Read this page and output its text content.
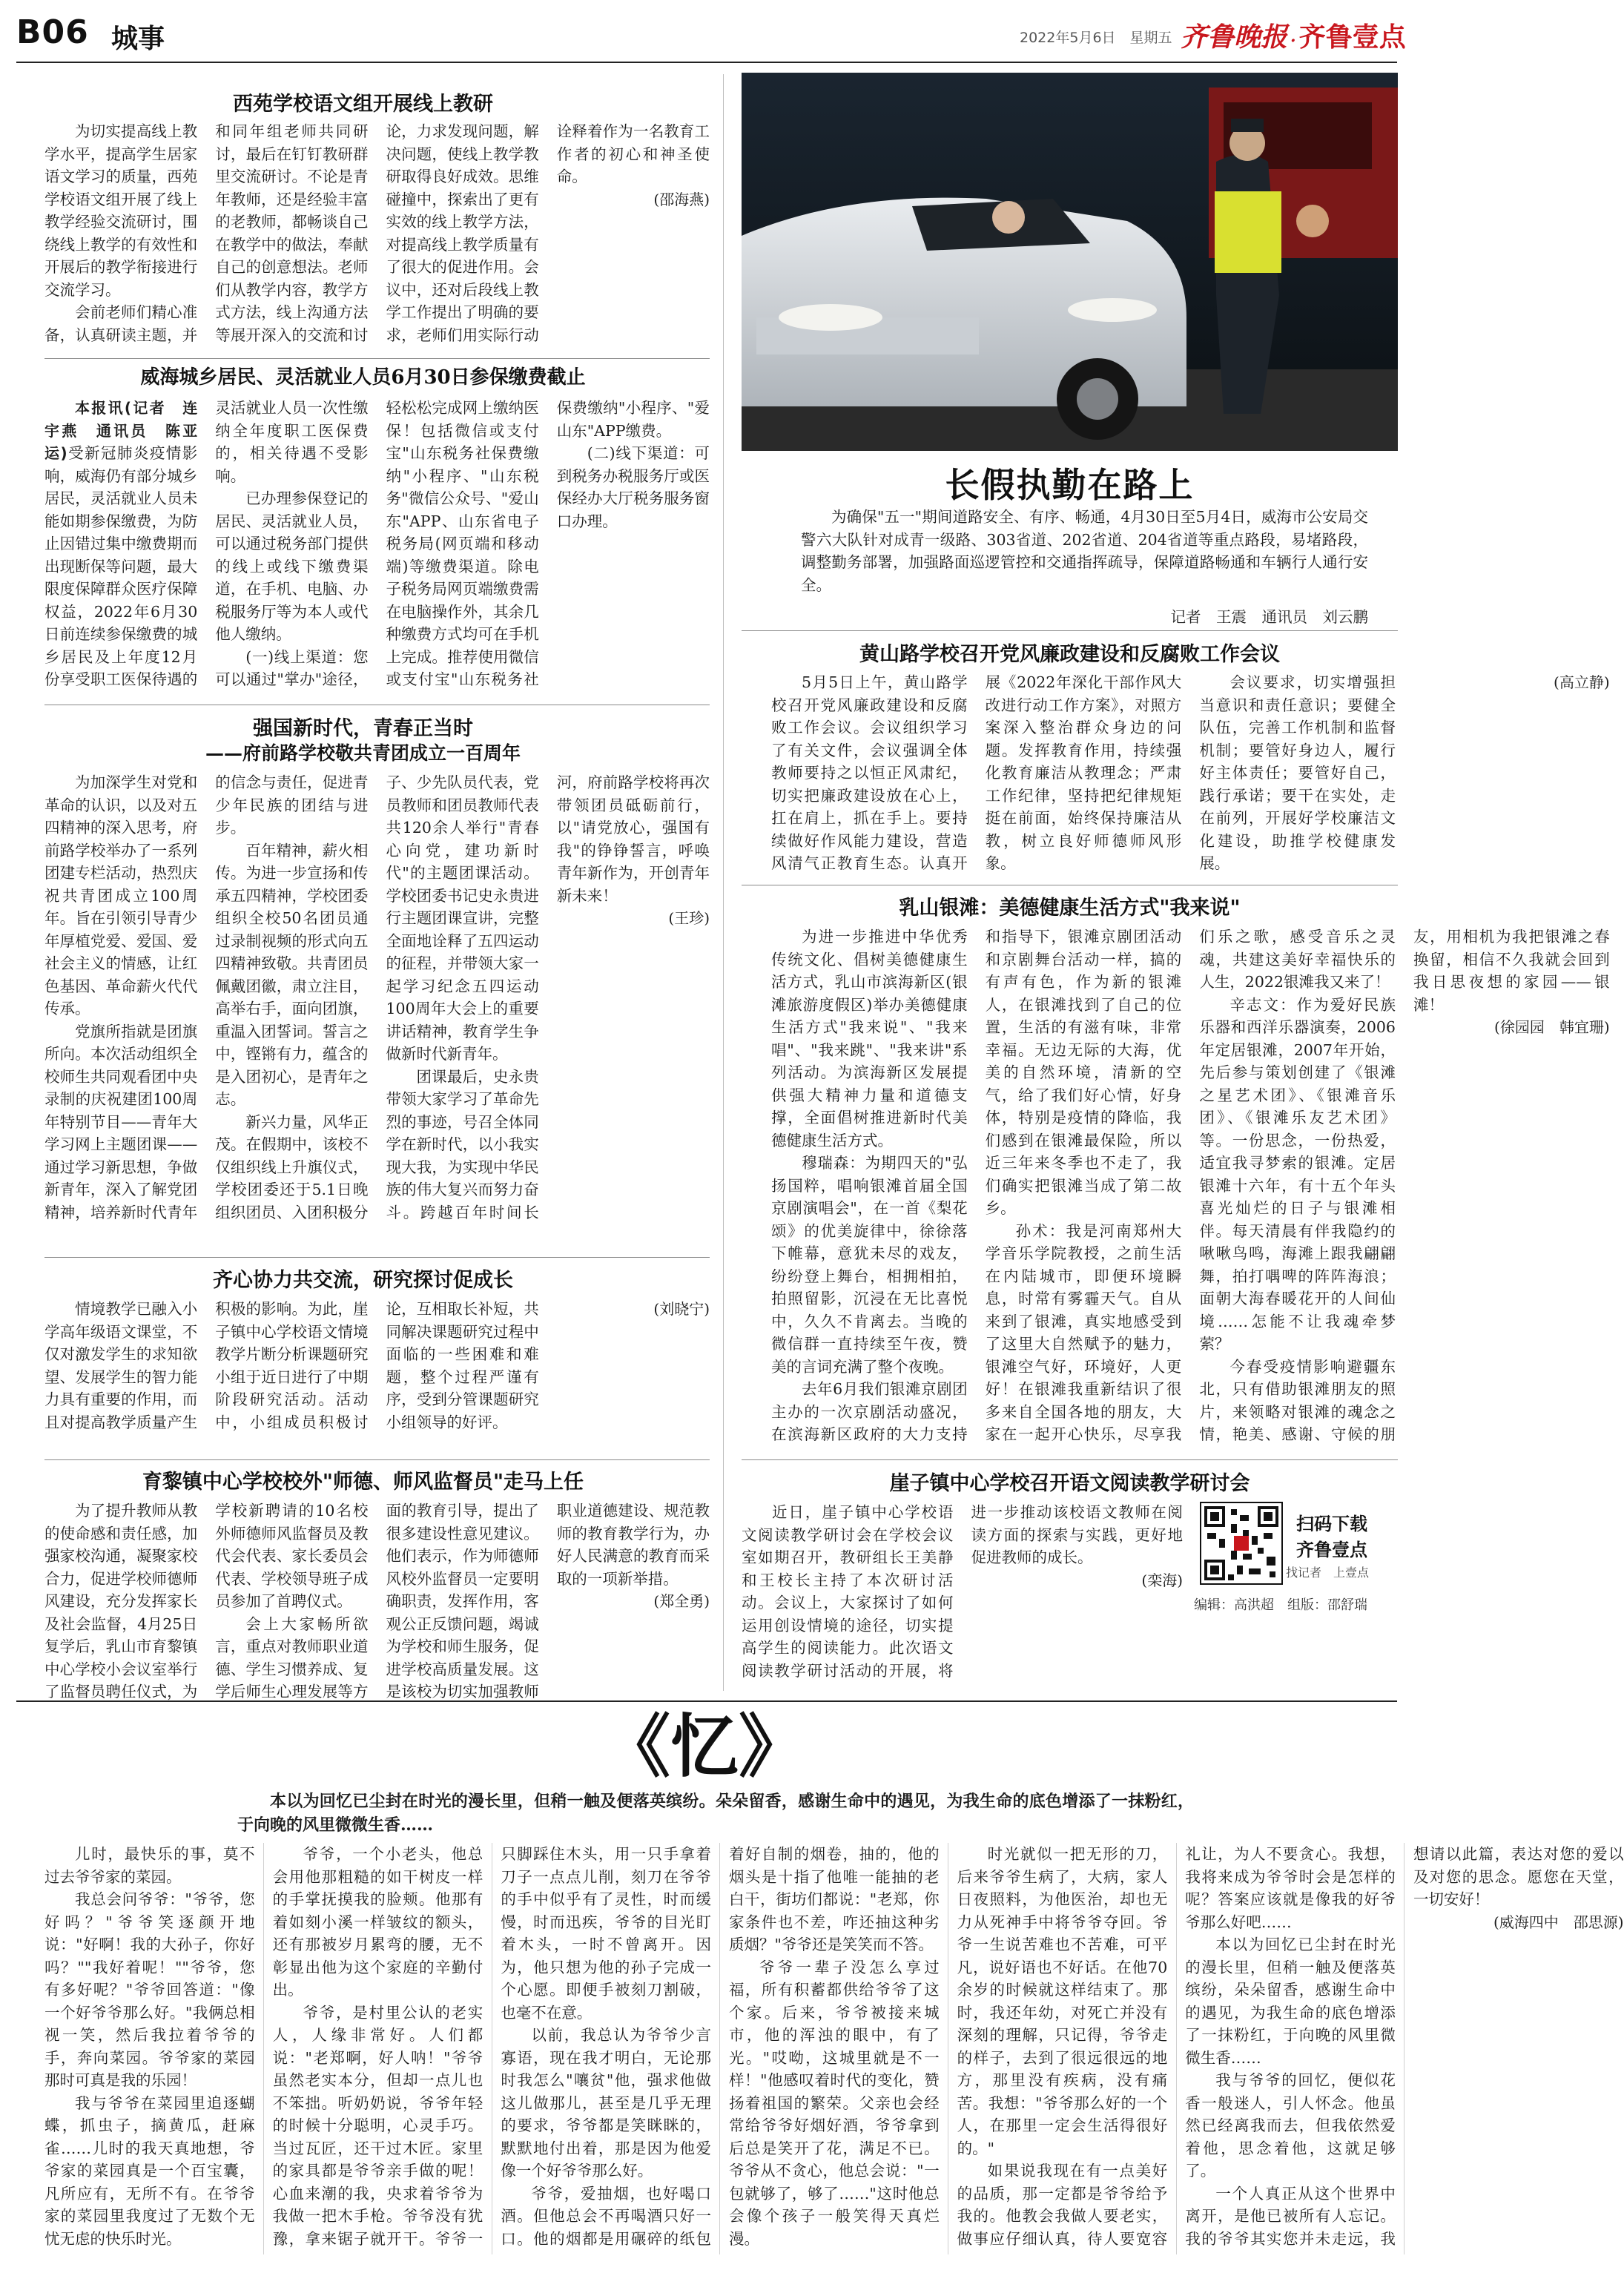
B06 城事	2022年5月6日　星期五 齐鲁晚报 · 齐鲁壹点
西苑学校语文组开展线上教研

为切实提高线上教学水平，提高学生居家语文学习的质量，西苑学校语文组开展了线上教学经验交流研讨，围绕线上教学的有效性和开展后的教学衔接进行交流学习。

会前老师们精心准备，认真研读主题，并和同年组老师共同研讨，最后在钉钉教研群里交流研讨。不论是青年教师，还是经验丰富的老教师，都畅谈自己在教学中的做法，奉献自己的创意想法。老师们从教学内容，教学方式方法，线上沟通方法等展开深入的交流和讨论，力求发现问题，解决问题，使线上教学教研取得良好成效。思维碰撞中，探索出了更有实效的线上教学方法，对提高线上教学质量有了很大的促进作用。会议中，还对后段线上教学工作提出了明确的要求，老师们用实际行动诠释着作为一名教育工作者的初心和神圣使命。

(邵海燕)

威海城乡居民、灵活就业人员6月30日参保缴费截止

本报讯(记者　连宇燕　通讯员　陈亚运)受新冠肺炎疫情影响，威海仍有部分城乡居民，灵活就业人员未能如期参保缴费，为防止因错过集中缴费期而出现断保等问题，最大限度保障群众医疗保障权益，2022年6月30日前连续参保缴费的城乡居民及上年度12月份享受职工医保待遇的灵活就业人员一次性缴纳全年度职工医保费的，相关待遇不受影响。

已办理参保登记的居民、灵活就业人员，可以通过税务部门提供的线上或线下缴费渠道，在手机、电脑、办税服务厅等为本人或代他人缴纳。

(一)线上渠道：您可以通过"掌办"途径，轻松松完成网上缴纳医保！包括微信或支付宝"山东税务社保费缴纳"小程序、"山东税务"微信公众号、"爱山东"APP、山东省电子税务局(网页端和移动端)等缴费渠道。除电子税务局网页端缴费需在电脑操作外，其余几种缴费方式均可在手机上完成。推荐使用微信或支付宝"山东税务社保费缴纳"小程序、"爱山东"APP缴费。

(二)线下渠道：可到税务办税服务厅或医保经办大厅税务服务窗口办理。

强国新时代，青春正当时
——府前路学校敬共青团成立一百周年

为加深学生对党和革命的认识，以及对五四精神的深入思考，府前路学校举办了一系列团建专栏活动，热烈庆祝共青团成立100周年。旨在引领引导青少年厚植党爱、爱国、爱社会主义的情感，让红色基因、革命薪火代代传承。

党旗所指就是团旗所向。本次活动组织全校师生共同观看团中央录制的庆祝建团100周年特别节目——青年大学习网上主题团课——通过学习新思想，争做新青年，深入了解党团精神，培养新时代青年的信念与责任，促进青少年民族的团结与进步。

百年精神，薪火相传。为进一步宣扬和传承五四精神，学校团委组织全校50名团员通过录制视频的形式向五四精神致敬。共青团员佩戴团徽，肃立注目，高举右手，面向团旗，重温入团誓词。誓言之中，铿锵有力，蕴含的是入团初心，是青年之志。

新兴力量，风华正茂。在假期中，该校不仅组织线上升旗仪式，学校团委还于5.1日晚组织团员、入团积极分子、少先队员代表，党员教师和团员教师代表共120余人举行"青春心向党，建功新时代"的主题团课活动。学校团委书记史永贵进行主题团课宣讲，完整全面地诠释了五四运动的征程，并带领大家一起学习纪念五四运动100周年大会上的重要讲话精神，教育学生争做新时代新青年。

团课最后，史永贵带领大家学习了革命先烈的事迹，号召全体同学在新时代，以小我实现大我，为实现中华民族的伟大复兴而努力奋斗。跨越百年时间长河，府前路学校将再次带领团员砥砺前行，以"请党放心，强国有我"的铮铮誓言，呼唤青年新作为，开创青年新未来！

(王珍)

齐心协力共交流，研究探讨促成长

情境教学已融入小学高年级语文课堂，不仅对激发学生的求知欲望、发展学生的智力能力具有重要的作用，而且对提高教学质量产生积极的影响。为此，崖子镇中心学校语文情境教学片断分析课题研究小组于近日进行了中期阶段研究活动。活动中，小组成员积极讨论，互相取长补短，共同解决课题研究过程中面临的一些困难和难题，整个过程严谨有序，受到分管课题研究小组领导的好评。

(刘晓宁)

育黎镇中心学校校外"师德、师风监督员"走马上任

为了提升教师从教的使命感和责任感，加强家校沟通，凝聚家校合力，促进学校师德师风建设，充分发挥家长及社会监督，4月25日复学后，乳山市育黎镇中心学校小会议室举行了监督员聘任仪式，为学校新聘请的10名校外师德师风监督员及教代会代表、家长委员会代表、学校领导班子成员参加了首聘仪式。

会上大家畅所欲言，重点对教师职业道德、学生习惯养成、复学后师生心理发展等方面的教育引导，提出了很多建设性意见建议。他们表示，作为师德师风校外监督员一定要明确职责，发挥作用，客观公正反馈问题，竭诚为学校和师生服务，促进学校高质量发展。这是该校为切实加强教师职业道德建设、规范教师的教育教学行为，办好人民满意的教育而采取的一项新举措。

(郑全勇)

长假执勤在路上
为确保"五一"期间道路安全、有序、畅通，4月30日至5月4日，威海市公安局交警六大队针对成青一级路、303省道、202省道、204省道等重点路段，易堵路段，调整勤务部署，加强路面巡逻管控和交通指挥疏导，保障道路畅通和车辆行人通行安全。
记者　王震　通讯员　刘云鹏
黄山路学校召开党风廉政建设和反腐败工作会议

5月5日上午，黄山路学校召开党风廉政建设和反腐败工作会议。会议组织学习了有关文件，会议强调全体教师要持之以恒正风肃纪，切实把廉政建设放在心上，扛在肩上，抓在手上。要持续做好作风能力建设，营造风清气正教育生态。认真开展《2022年深化干部作风大改进行动工作方案》，对照方案深入整治群众身边的问题。发挥教育作用，持续强化教育廉洁从教理念；严肃工作纪律，坚持把纪律规矩挺在前面，始终保持廉洁从教，树立良好师德师风形象。

会议要求，切实增强担当意识和责任意识；要健全队伍，完善工作机制和监督机制；要管好身边人，履行好主体责任；要管好自己，践行承诺；要干在实处，走在前列，开展好学校廉洁文化建设，助推学校健康发展。

(高立静)

乳山银滩：美德健康生活方式"我来说"

为进一步推进中华优秀传统文化、倡树美德健康生活方式，乳山市滨海新区(银滩旅游度假区)举办美德健康生活方式"我来说"、"我来唱"、"我来跳"、"我来讲"系列活动。为滨海新区发展提供强大精神力量和道德支撑，全面倡树推进新时代美德健康生活方式。

穆瑞森：为期四天的"弘扬国粹，唱响银滩首届全国京剧演唱会"，在一首《梨花颂》的优美旋律中，徐徐落下帷幕，意犹未尽的戏友，纷纷登上舞台，相拥相拍，拍照留影，沉浸在无比喜悦中，久久不肯离去。当晚的微信群一直持续至午夜，赞美的言词充满了整个夜晚。

去年6月我们银滩京剧团主办的一次京剧活动盛况，在滨海新区政府的大力支持和指导下，银滩京剧团活动和京剧舞台活动一样，搞的有声有色，作为新的银滩人，在银滩找到了自己的位置，生活的有滋有味，非常幸福。无边无际的大海，优美的自然环境，清新的空气，给了我们好心情，好身体，特别是疫情的降临，我们感到在银滩最保险，所以近三年来冬季也不走了，我们确实把银滩当成了第二故乡。

孙术：我是河南郑州大学音乐学院教授，之前生活在内陆城市，即便环境瞬息，时常有雾霾天气。自从来到了银滩，真实地感受到了这里大自然赋予的魅力，银滩空气好，环境好，人更好！在银滩我重新结识了很多来自全国各地的朋友，大家在一起开心快乐，尽享我们乐之歌，感受音乐之灵魂，共建这美好幸福快乐的人生，2022银滩我又来了！

辛志文：作为爱好民族乐器和西洋乐器演奏，2006年定居银滩，2007年开始，先后参与策划创建了《银滩之星艺术团》、《银滩音乐团》、《银滩乐友艺术团》等。一份思念，一份热爱，适宜我寻梦索的银滩。定居银滩十六年，有十五个年头喜光灿烂的日子与银滩相伴。每天清晨有伴我隐约的啾啾鸟鸣，海滩上跟我翩翩舞，拍打喁啤的阵阵海浪；面朝大海春暖花开的人间仙境……怎能不让我魂牵梦萦？

今春受疫情影响避疆东北，只有借助银滩朋友的照片，来领略对银滩的魂念之情，艳美、感谢、守候的朋友，用相机为我把银滩之春换留，相信不久我就会回到我日思夜想的家园——银滩！

(徐园园　韩宜珊)

崖子镇中心学校召开语文阅读教学研讨会

近日，崖子镇中心学校语文阅读教学研讨会在学校会议室如期召开，教研组长王美静和王校长主持了本次研讨活动。会议上，大家探讨了如何运用创设情境的途径，切实提高学生的阅读能力。此次语文阅读教学研讨活动的开展，将进一步推动该校语文教师在阅读方面的探索与实践，更好地促进教师的成长。

(栾海)

扫码下载
齐鲁壹点
找记者　上壹点
编辑：高洪超　组版：邵舒瑞
《忆》
本以为回忆已尘封在时光的漫长里，但稍一触及便落英缤纷。朵朵留香，感谢生命中的遇见，为我生命的底色增添了一抹粉红，于向晚的风里微微生香……

儿时，最快乐的事，莫不过去爷爷家的菜园。

我总会问爷爷："爷爷，您好吗？"爷爷笑逐颜开地说："好啊！我的大孙子，你好吗？""我好着呢！""爷爷，您有多好呢？"爷爷回答道："像一个好爷爷那么好。"我俩总相视一笑，然后我拉着爷爷的手，奔向菜园。爷爷家的菜园那时可真是我的乐园！

我与爷爷在菜园里追逐蝴蝶，抓虫子，摘黄瓜，赶麻雀……儿时的我天真地想，爷爷家的菜园真是一个百宝囊，凡所应有，无所不有。在爷爷家的菜园里我度过了无数个无忧无虑的快乐时光。

爷爷，一个小老头，他总会用他那粗糙的如干树皮一样的手掌抚摸我的脸颊。他那有着如刻小溪一样皱纹的额头，还有那被岁月累弯的腰，无不彰显出他为这个家庭的辛勤付出。

爷爷，是村里公认的老实人，人缘非常好。人们都说："老郑啊，好人呐！"爷爷虽然老实本分，但却一点儿也不笨拙。听奶奶说，爷爷年轻的时候十分聪明，心灵手巧。当过瓦匠，还干过木匠。家里的家具都是爷爷亲手做的呢！心血来潮的我，央求着爷爷为我做一把木手枪。爷爷没有犹豫，拿来锯子就开干。爷爷一只脚踩住木头，用一只手拿着刀子一点点儿削，刻刀在爷爷的手中似乎有了灵性，时而缓慢，时而迅疾，爷爷的目光盯着木头，一时不曾离开。因为，他只想为他的孙子完成一个心愿。即便手被刻刀割破，也毫不在意。

以前，我总认为爷爷少言寡语，现在我才明白，无论那时我怎么"嚷贫"他，强求他做这儿做那儿，甚至是几乎无理的要求，爷爷都是笑眯眯的，默默地付出着，那是因为他爱像一个好爷爷那么好。

爷爷，爱抽烟，也好喝口酒。但他总会不再喝酒只好一口。他的烟都是用碾碎的纸包着好自制的烟卷，抽的，他的烟头是十指了他唯一能抽的老白干，街坊们都说："老郑，你家条件也不差，咋还抽这种劣质烟？"爷爷还是笑笑而不答。

爷爷一辈子没怎么享过福，所有积蓄都供给爷爷了这个家。后来，爷爷被接来城市，他的浑浊的眼中，有了光。"哎呦，这城里就是不一样！"他感叹着时代的变化，赞扬着祖国的繁荣。父亲也会经常给爷爷好烟好酒，爷爷拿到后总是笑开了花，满足不已。爷爷从不贪心，他总会说："一包就够了，够了……"这时他总会像个孩子一般笑得天真烂漫。

时光就似一把无形的刀，后来爷爷生病了，大病，家人日夜照料，为他医治，却也无力从死神手中将爷爷夺回。爷爷一生说苦难也不苦难，可平凡，说好语也不好话。在他70余岁的时候就这样结束了。那时，我还年幼，对死亡并没有深刻的理解，只记得，爷爷走的样子，去到了很远很远的地方，那里没有疾病，没有痛苦。我想："爷爷那么好的一个人，在那里一定会生活得很好的。"

如果说我现在有一点美好的品质，那一定都是爷爷给予我的。他教会我做人要老实，做事应仔细认真，待人要宽容礼让，为人不要贪心。我想，我将来成为爷爷时会是怎样的呢？答案应该就是像我的好爷爷那么好吧……

本以为回忆已尘封在时光的漫长里，但稍一触及便落英缤纷，朵朵留香，感谢生命中的遇见，为我生命的底色增添了一抹粉红，于向晚的风里微微生香……

我与爷爷的回忆，便似花香一般迷人，引人怀念。他虽然已经离我而去，但我依然爱着他，思念着他，这就足够了。

一个人真正从这个世界中离开，是他已被所有人忘记。我的爷爷其实您并未走远，我想请以此篇，表达对您的爱以及对您的思念。愿您在天堂，一切安好！

(威海四中　邵思源)
